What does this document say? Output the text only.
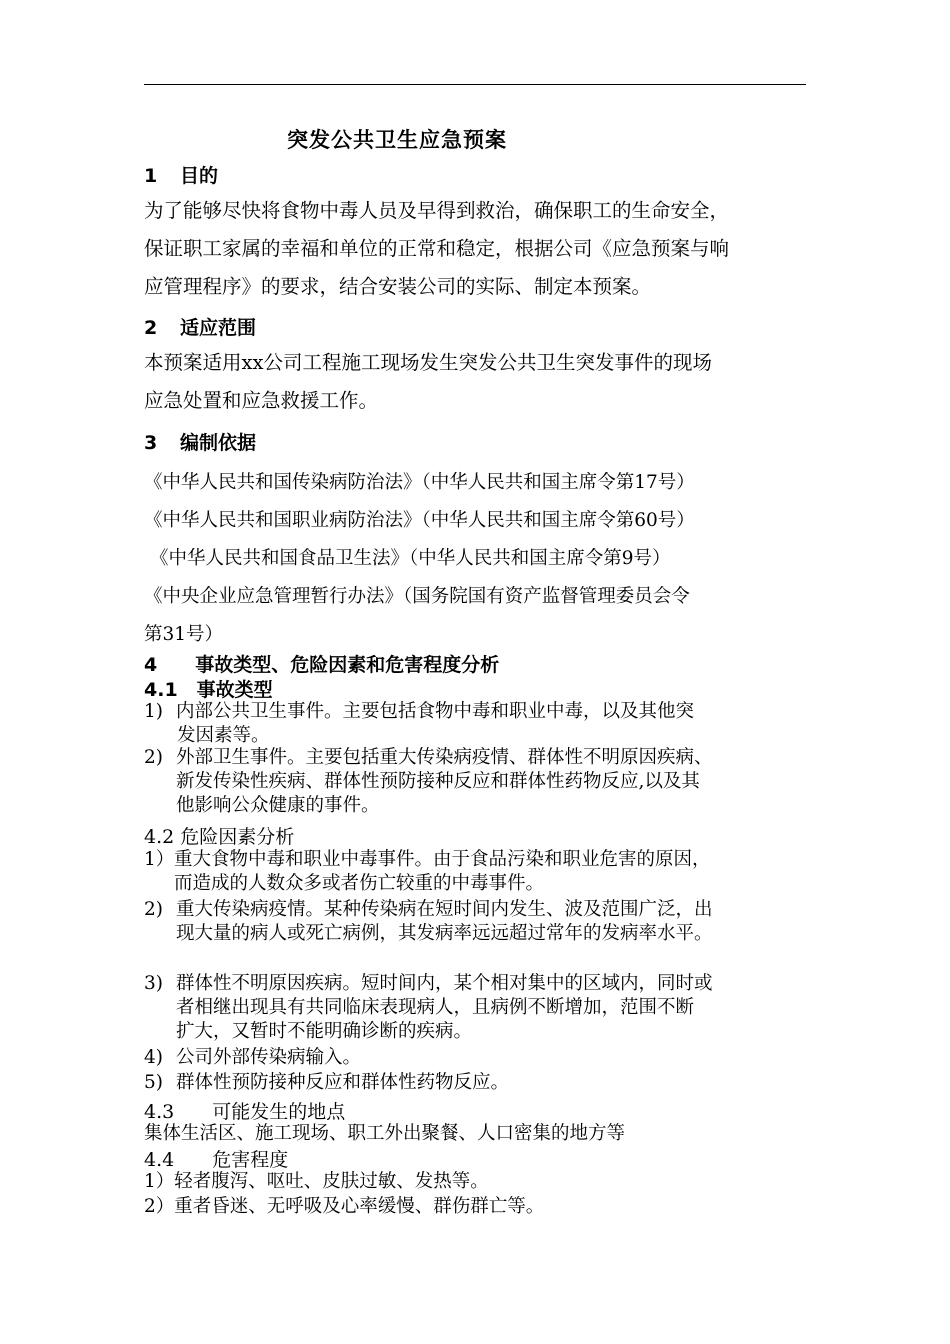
突发公共卫生应急预案
1 目的
为了能够尽快将食物中毒人员及早得到救治，确保职工的生命安全，
保证职工家属的幸福和单位的正常和稳定，根据公司《应急预案与响
应管理程序》的要求，结合安装公司的实际、制定本预案。
2 适应范围
本预案适用xx公司工程施工现场发生突发公共卫生突发事件的现场
应急处置和应急救援工作。
3 编制依据
《中华人民共和国传染病防治法》（中华人民共和国主席令第17号）
《中华人民共和国职业病防治法》（中华人民共和国主席令第60号）
《中华人民共和国食品卫生法》（中华人民共和国主席令第9号）
《中央企业应急管理暂行办法》（国务院国有资产监督管理委员会令
第31号）
4　　事故类型、危险因素和危害程度分析
4.1　事故类型
1) 内部公共卫生事件。主要包括食物中毒和职业中毒，以及其他突
发因素等。
2) 外部卫生事件。主要包括重大传染病疫情、群体性不明原因疾病、
新发传染性疾病、群体性预防接种反应和群体性药物反应,以及其
他影响公众健康的事件。
4.2 危险因素分析
1） 重大食物中毒和职业中毒事件。由于食品污染和职业危害的原因，
而造成的人数众多或者伤亡较重的中毒事件。
2) 重大传染病疫情。某种传染病在短时间内发生、波及范围广泛，出
现大量的病人或死亡病例，其发病率远远超过常年的发病率水平。
3) 群体性不明原因疾病。短时间内，某个相对集中的区域内，同时或
者相继出现具有共同临床表现病人，且病例不断增加，范围不断
扩大，又暂时不能明确诊断的疾病。
4) 公司外部传染病输入。
5) 群体性预防接种反应和群体性药物反应。
4.3　　可能发生的地点
集体生活区、施工现场、职工外出聚餐、人口密集的地方等
4.4　　危害程度
1）轻者腹泻、呕吐、皮肤过敏、发热等。
2）重者昏迷、无呼吸及心率缓慢、群伤群亡等。
